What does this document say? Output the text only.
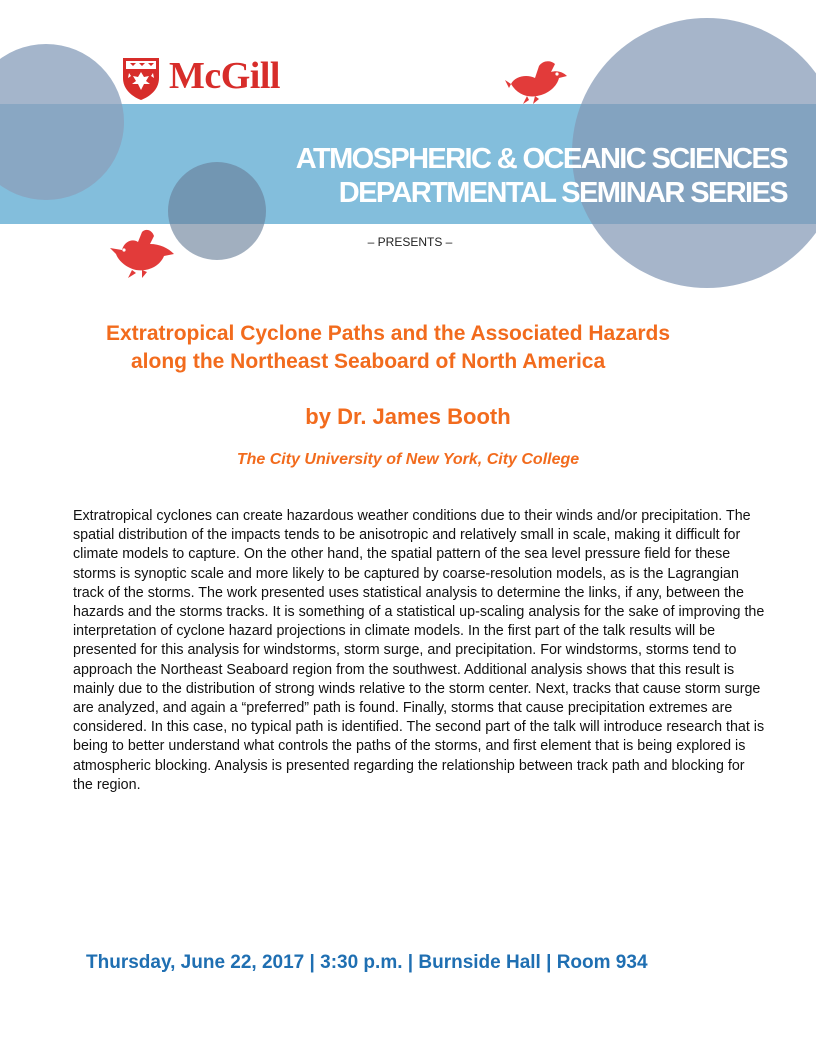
McGill
ATMOSPHERIC & OCEANIC SCIENCES
DEPARTMENTAL SEMINAR SERIES
– PRESENTS –
Extratropical Cyclone Paths and the Associated Hazards
along the Northeast Seaboard of North America
by Dr. James Booth
The City University of New York, City College
Extratropical cyclones can create hazardous weather conditions due to their winds and/or precipitation. The spatial distribution of the impacts tends to be anisotropic and relatively small in scale, making it difficult for climate models to capture. On the other hand, the spatial pattern of the sea level pressure field for these storms is synoptic scale and more likely to be captured by coarse-resolution models, as is the Lagrangian track of the storms. The work presented uses statistical analysis to determine the links, if any, between the hazards and the storms tracks. It is something of a statistical up-scaling analysis for the sake of improving the interpretation of cyclone hazard projections in climate models. In the first part of the talk results will be presented for this analysis for windstorms, storm surge, and precipitation. For windstorms, storms tend to approach the Northeast Seaboard region from the southwest. Additional analysis shows that this result is mainly due to the distribution of strong winds relative to the storm center. Next, tracks that cause storm surge are analyzed, and again a “preferred” path is found. Finally, storms that cause precipitation extremes are considered. In this case, no typical path is identified. The second part of the talk will introduce research that is being to better understand what controls the paths of the storms, and first element that is being explored is atmospheric blocking. Analysis is presented regarding the relationship between track path and blocking for the region.
Thursday, June 22, 2017 | 3:30 p.m. | Burnside Hall | Room 934
